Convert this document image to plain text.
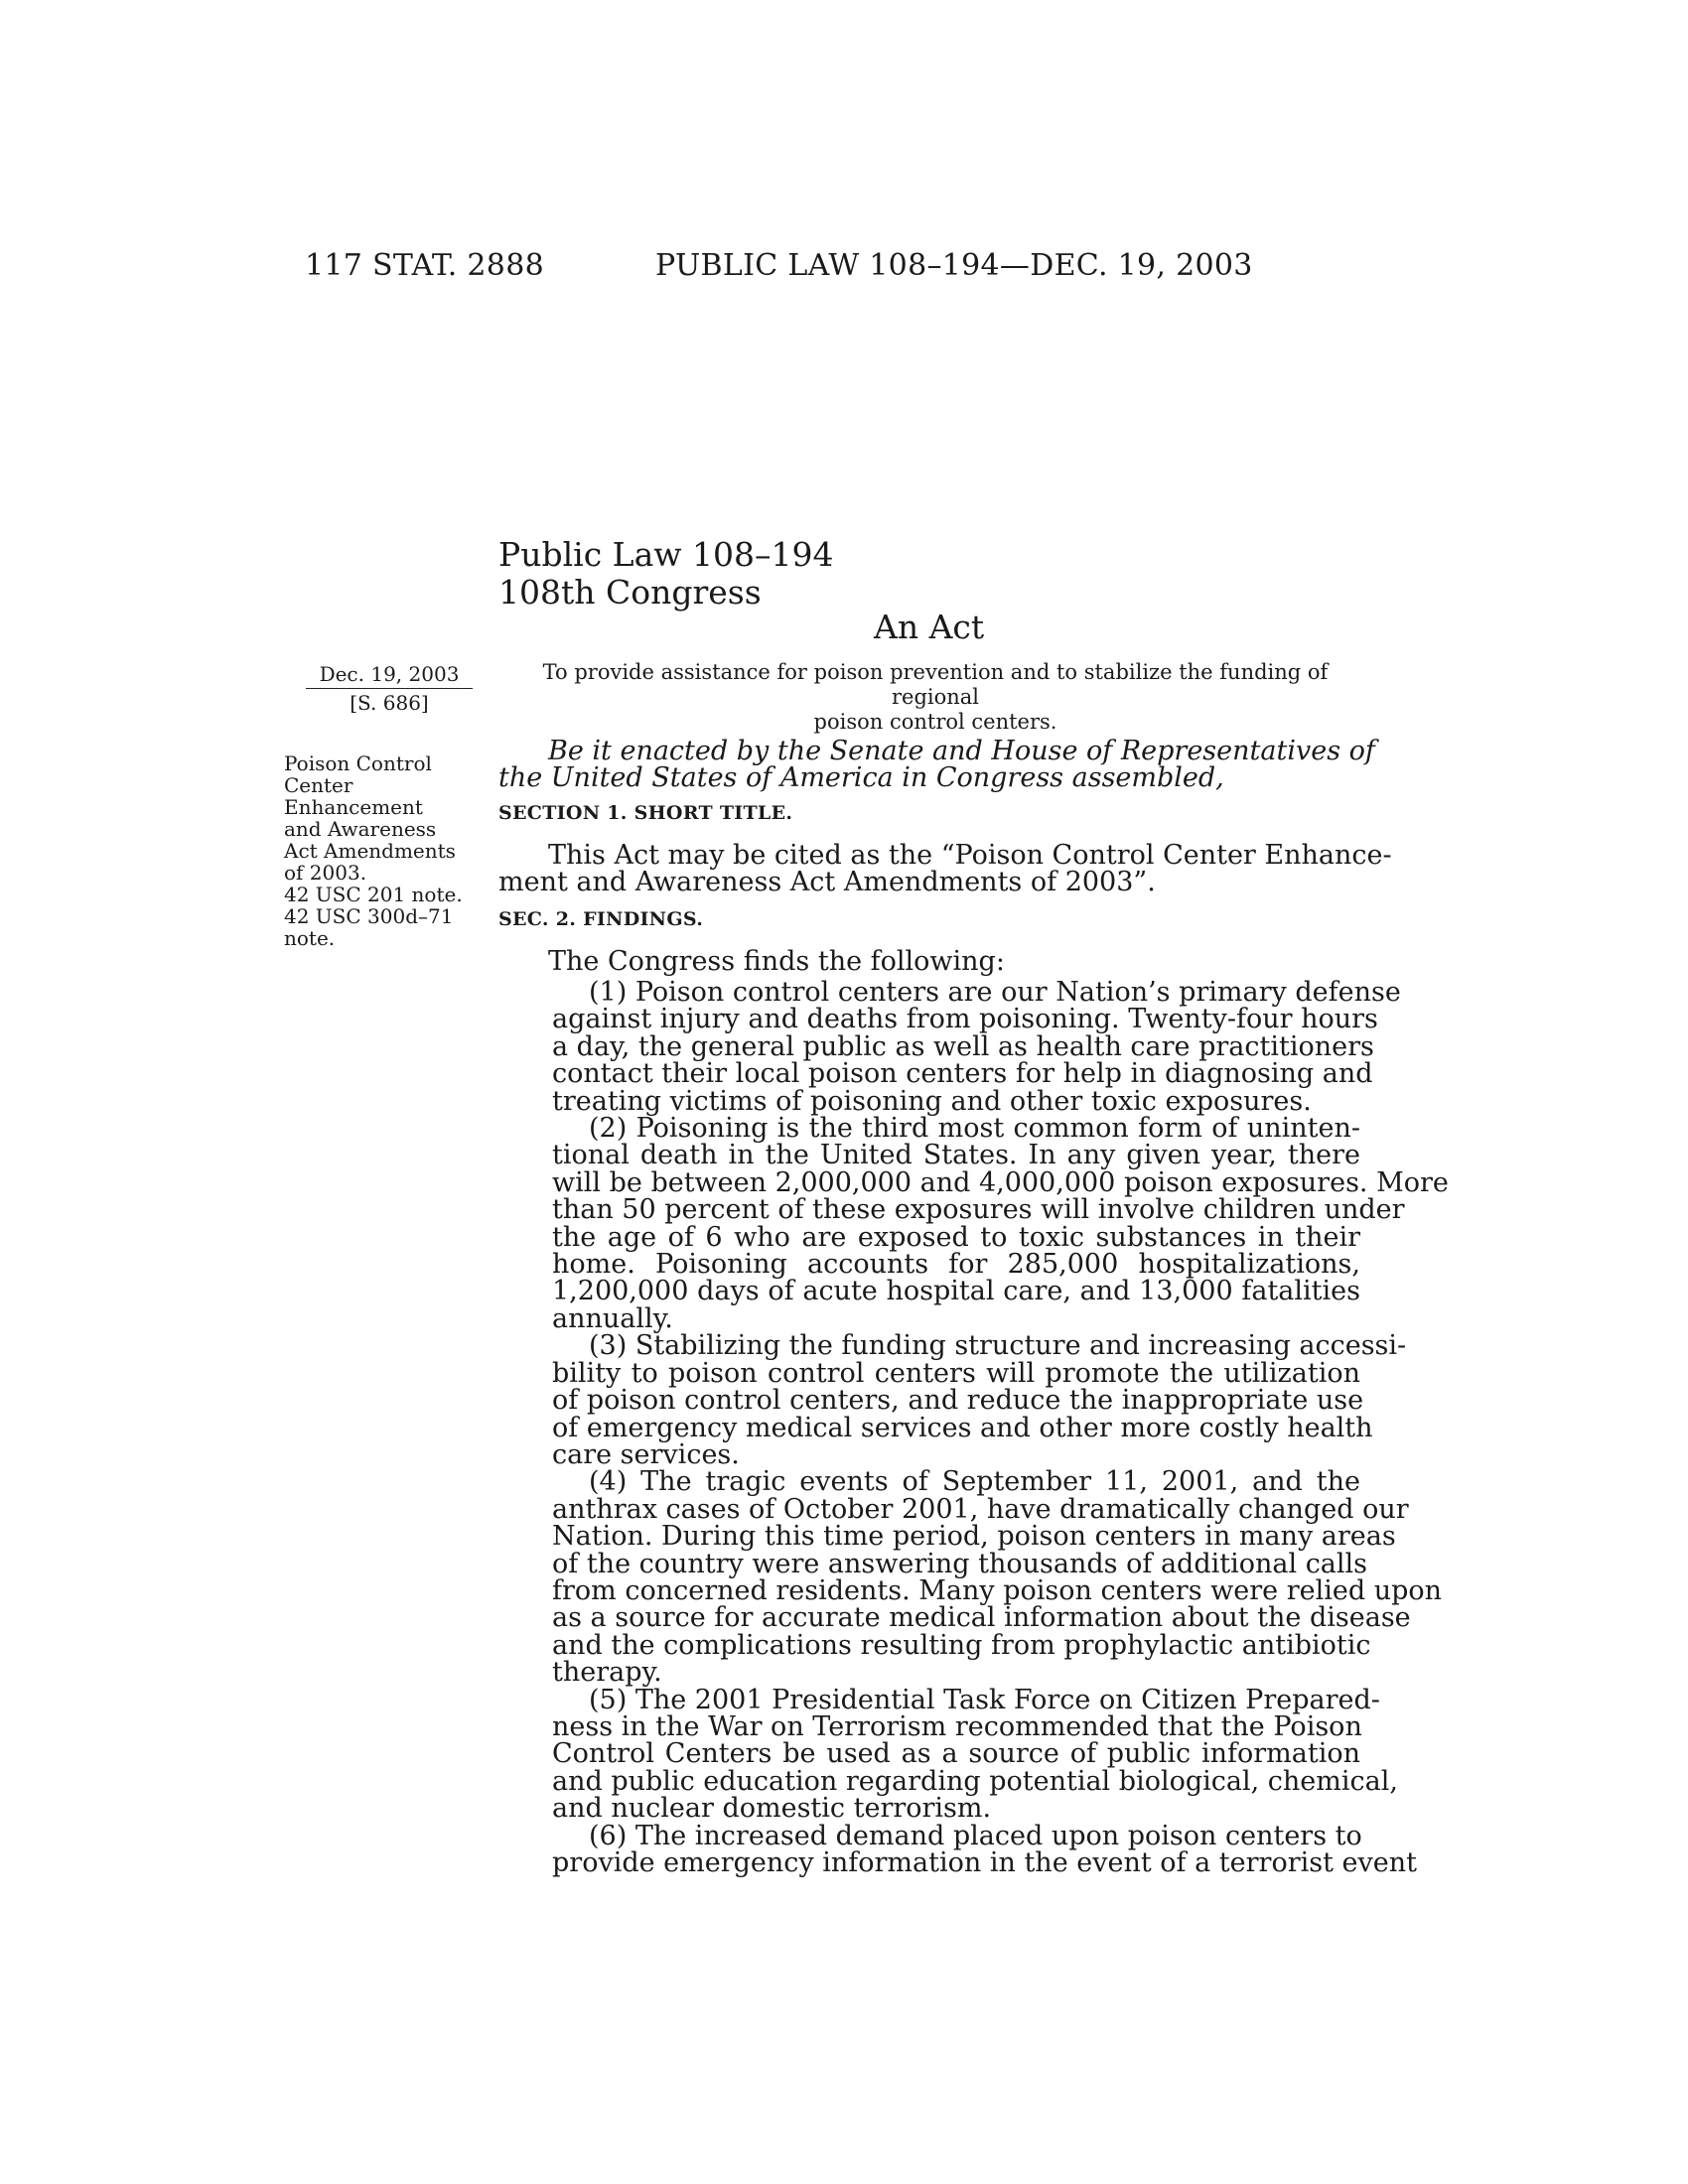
117 STAT. 2888	PUBLIC LAW 108–194—DEC. 19, 2003
Public Law 108–194
108th Congress
An Act
Dec. 19, 2003
[S. 686]
Poison Control
Center
Enhancement
and Awareness
Act Amendments
of 2003.
42 USC 201 note.
42 USC 300d–71
note.
To provide assistance for poison prevention and to stabilize the funding of regional
poison control centers.
Be it enacted by the Senate and House of Representatives of
the United States of America in Congress assembled,
SECTION 1. SHORT TITLE.
This Act may be cited as the “Poison Control Center Enhance-
ment and Awareness Act Amendments of 2003”.
SEC. 2. FINDINGS.
The Congress finds the following:
(1) Poison control centers are our Nation’s primary defense
against injury and deaths from poisoning. Twenty-four hours
a day, the general public as well as health care practitioners
contact their local poison centers for help in diagnosing and
treating victims of poisoning and other toxic exposures.
(2) Poisoning is the third most common form of uninten-
tional death in the United States. In any given year, there
will be between 2,000,000 and 4,000,000 poison exposures. More
than 50 percent of these exposures will involve children under
the age of 6 who are exposed to toxic substances in their
home. Poisoning accounts for 285,000 hospitalizations,
1,200,000 days of acute hospital care, and 13,000 fatalities
annually.
(3) Stabilizing the funding structure and increasing accessi-
bility to poison control centers will promote the utilization
of poison control centers, and reduce the inappropriate use
of emergency medical services and other more costly health
care services.
(4) The tragic events of September 11, 2001, and the
anthrax cases of October 2001, have dramatically changed our
Nation. During this time period, poison centers in many areas
of the country were answering thousands of additional calls
from concerned residents. Many poison centers were relied upon
as a source for accurate medical information about the disease
and the complications resulting from prophylactic antibiotic
therapy.
(5) The 2001 Presidential Task Force on Citizen Prepared-
ness in the War on Terrorism recommended that the Poison
Control Centers be used as a source of public information
and public education regarding potential biological, chemical,
and nuclear domestic terrorism.
(6) The increased demand placed upon poison centers to
provide emergency information in the event of a terrorist event
